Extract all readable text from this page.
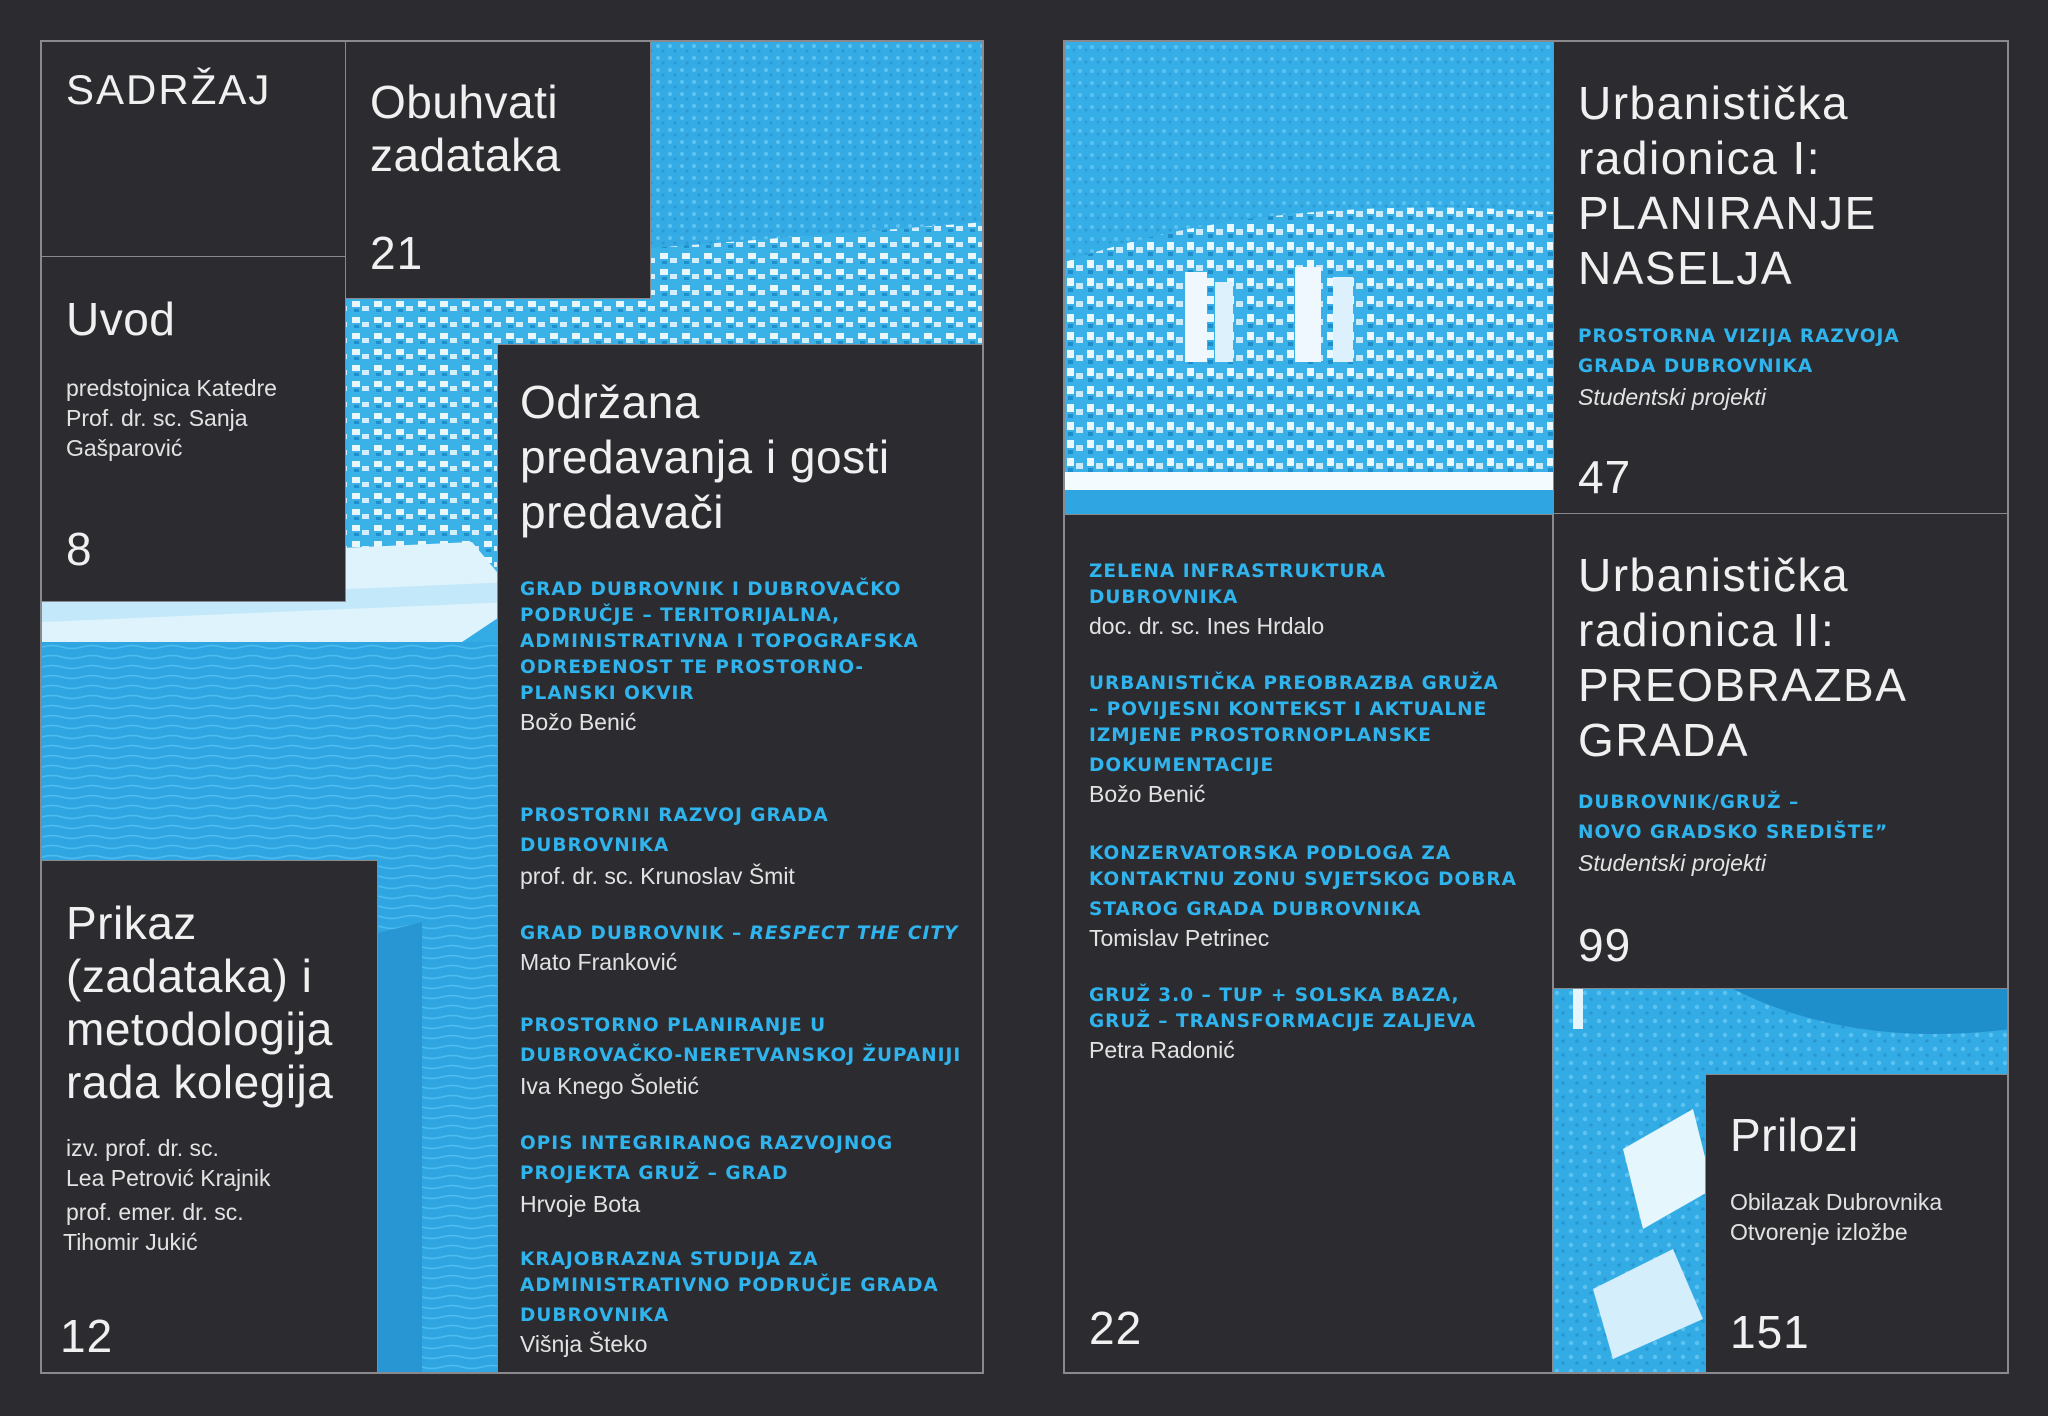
SADRŽAJ Obuhvati
zadataka
21
Uvod
predstojnica Katedre
Prof. dr. sc. Sanja
Gašparović
8
Prikaz
(zadataka) i
metodologija
rada kolegija
izv. prof. dr. sc.
Lea Petrović Krajnik
prof. emer. dr. sc.
Tihomir Jukić
12
Održana
predavanja i gosti
predavači
GRAD DUBROVNIK I DUBROVAČKO
PODRUČJE – TERITORIJALNA,
ADMINISTRATIVNA I TOPOGRAFSKA
ODREĐENOST TE PROSTORNO-
PLANSKI OKVIR
Božo Benić
PROSTORNI RAZVOJ GRADA
DUBROVNIKA
prof. dr. sc. Krunoslav Šmit
GRAD DUBROVNIK – RESPECT THE CITY
Mato Franković
PROSTORNO PLANIRANJE U
DUBROVAČKO-NERETVANSKOJ ŽUPANIJI
Iva Knego Šoletić
OPIS INTEGRIRANOG RAZVOJNOG
PROJEKTA GRUŽ – GRAD
Hrvoje Bota
KRAJOBRAZNA STUDIJA ZA
ADMINISTRATIVNO PODRUČJE GRADA
DUBROVNIKA
Višnja Šteko
ZELENA INFRASTRUKTURA
DUBROVNIKA
doc. dr. sc. Ines Hrdalo
URBANISTIČKA PREOBRAZBA GRUŽA
– POVIJESNI KONTEKST I AKTUALNE
IZMJENE PROSTORNOPLANSKE
DOKUMENTACIJE
Božo Benić
KONZERVATORSKA PODLOGA ZA
KONTAKTNU ZONU SVJETSKOG DOBRA
STAROG GRADA DUBROVNIKA
Tomislav Petrinec
GRUŽ 3.0 – TUP + SOLSKA BAZA,
GRUŽ – TRANSFORMACIJE ZALJEVA
Petra Radonić
22
Urbanistička
radionica I:
PLANIRANJE
NASELJA
PROSTORNA VIZIJA RAZVOJA
GRADA DUBROVNIKA
Studentski projekti
47
Urbanistička
radionica II:
PREOBRAZBA
GRADA
DUBROVNIK/GRUŽ –
NOVO GRADSKO SREDIŠTE”
Studentski projekti
99
Prilozi
Obilazak Dubrovnika
Otvorenje izložbe
151
